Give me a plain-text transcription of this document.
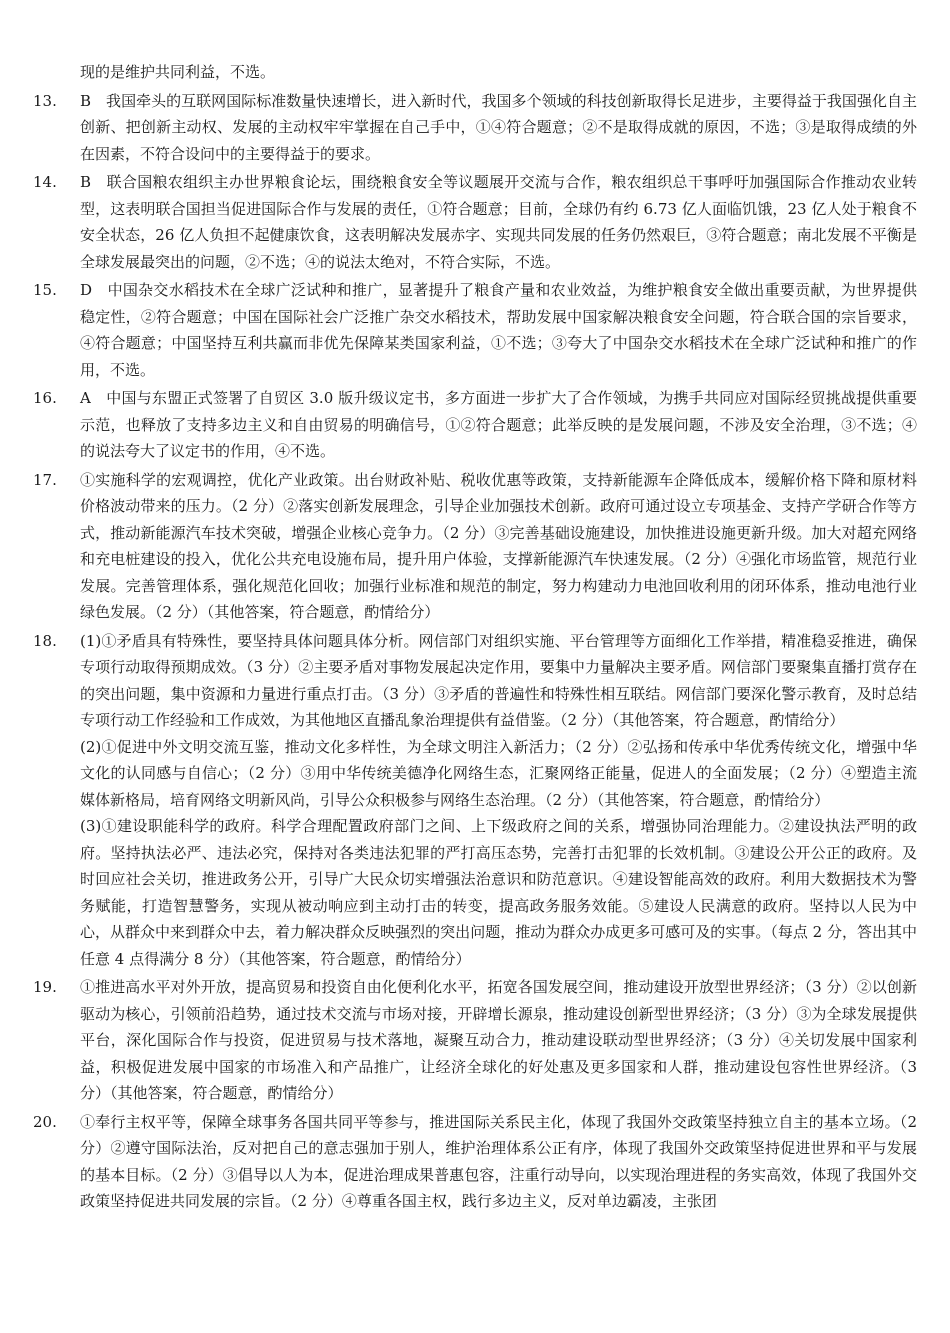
现的是维护共同利益，不选。
13.	B　我国牵头的互联网国际标准数量快速增长，进入新时代，我国多个领域的科技创新取得长足进步，主要得益于我国强化自主创新、把创新主动权、发展的主动权牢牢掌握在自己手中，①④符合题意；②不是取得成就的原因，不选；③是取得成绩的外在因素，不符合设问中的主要得益于的要求。

14.	B　联合国粮农组织主办世界粮食论坛，围绕粮食安全等议题展开交流与合作，粮农组织总干事呼吁加强国际合作推动农业转型，这表明联合国担当促进国际合作与发展的责任，①符合题意；目前，全球仍有约 6.73 亿人面临饥饿，23 亿人处于粮食不安全状态，26 亿人负担不起健康饮食，这表明解决发展赤字、实现共同发展的任务仍然艰巨，③符合题意；南北发展不平衡是全球发展最突出的问题，②不选；④的说法太绝对，不符合实际，不选。

15.	D　中国杂交水稻技术在全球广泛试种和推广，显著提升了粮食产量和农业效益，为维护粮食安全做出重要贡献，为世界提供稳定性，②符合题意；中国在国际社会广泛推广杂交水稻技术，帮助发展中国家解决粮食安全问题，符合联合国的宗旨要求，④符合题意；中国坚持互利共赢而非优先保障某类国家利益，①不选；③夸大了中国杂交水稻技术在全球广泛试种和推广的作用，不选。

16.	A　中国与东盟正式签署了自贸区 3.0 版升级议定书，多方面进一步扩大了合作领域，为携手共同应对国际经贸挑战提供重要示范，也释放了支持多边主义和自由贸易的明确信号，①②符合题意；此举反映的是发展问题，不涉及安全治理，③不选；④的说法夸大了议定书的作用，④不选。

17.	①实施科学的宏观调控，优化产业政策。出台财政补贴、税收优惠等政策，支持新能源车企降低成本，缓解价格下降和原材料价格波动带来的压力。（2 分）②落实创新发展理念，引导企业加强技术创新。政府可通过设立专项基金、支持产学研合作等方式，推动新能源汽车技术突破，增强企业核心竞争力。（2 分）③完善基础设施建设，加快推进设施更新升级。加大对超充网络和充电桩建设的投入，优化公共充电设施布局，提升用户体验，支撑新能源汽车快速发展。（2 分）④强化市场监管，规范行业发展。完善管理体系，强化规范化回收；加强行业标准和规范的制定，努力构建动力电池回收利用的闭环体系，推动电池行业绿色发展。（2 分）（其他答案，符合题意，酌情给分）

18.	(1)①矛盾具有特殊性，要坚持具体问题具体分析。网信部门对组织实施、平台管理等方面细化工作举措，精准稳妥推进，确保专项行动取得预期成效。（3 分）②主要矛盾对事物发展起决定作用，要集中力量解决主要矛盾。网信部门要聚集直播打赏存在的突出问题，集中资源和力量进行重点打击。（3 分）③矛盾的普遍性和特殊性相互联结。网信部门要深化警示教育，及时总结专项行动工作经验和工作成效，为其他地区直播乱象治理提供有益借鉴。（2 分）（其他答案，符合题意，酌情给分）

(2)①促进中外文明交流互鉴，推动文化多样性，为全球文明注入新活力；（2 分）②弘扬和传承中华优秀传统文化，增强中华文化的认同感与自信心；（2 分）③用中华传统美德净化网络生态，汇聚网络正能量，促进人的全面发展；（2 分）④塑造主流媒体新格局，培育网络文明新风尚，引导公众积极参与网络生态治理。（2 分）（其他答案，符合题意，酌情给分）

(3)①建设职能科学的政府。科学合理配置政府部门之间、上下级政府之间的关系，增强协同治理能力。②建设执法严明的政府。坚持执法必严、违法必究，保持对各类违法犯罪的严打高压态势，完善打击犯罪的长效机制。③建设公开公正的政府。及时回应社会关切，推进政务公开，引导广大民众切实增强法治意识和防范意识。④建设智能高效的政府。利用大数据技术为警务赋能，打造智慧警务，实现从被动响应到主动打击的转变，提高政务服务效能。⑤建设人民满意的政府。坚持以人民为中心，从群众中来到群众中去，着力解决群众反映强烈的突出问题，推动为群众办成更多可感可及的实事。（每点 2 分，答出其中任意 4 点得满分 8 分）（其他答案，符合题意，酌情给分）

19.	①推进高水平对外开放，提高贸易和投资自由化便利化水平，拓宽各国发展空间，推动建设开放型世界经济；（3 分）②以创新驱动为核心，引领前沿趋势，通过技术交流与市场对接，开辟增长源泉，推动建设创新型世界经济；（3 分）③为全球发展提供平台，深化国际合作与投资，促进贸易与技术落地，凝聚互动合力，推动建设联动型世界经济；（3 分）④关切发展中国家利益，积极促进发展中国家的市场准入和产品推广，让经济全球化的好处惠及更多国家和人群，推动建设包容性世界经济。（3 分）（其他答案，符合题意，酌情给分）

20.	①奉行主权平等，保障全球事务各国共同平等参与，推进国际关系民主化，体现了我国外交政策坚持独立自主的基本立场。（2 分）②遵守国际法治，反对把自己的意志强加于别人，维护治理体系公正有序，体现了我国外交政策坚持促进世界和平与发展的基本目标。（2 分）③倡导以人为本，促进治理成果普惠包容，注重行动导向，以实现治理进程的务实高效，体现了我国外交政策坚持促进共同发展的宗旨。（2 分）④尊重各国主权，践行多边主义，反对单边霸凌，主张团
